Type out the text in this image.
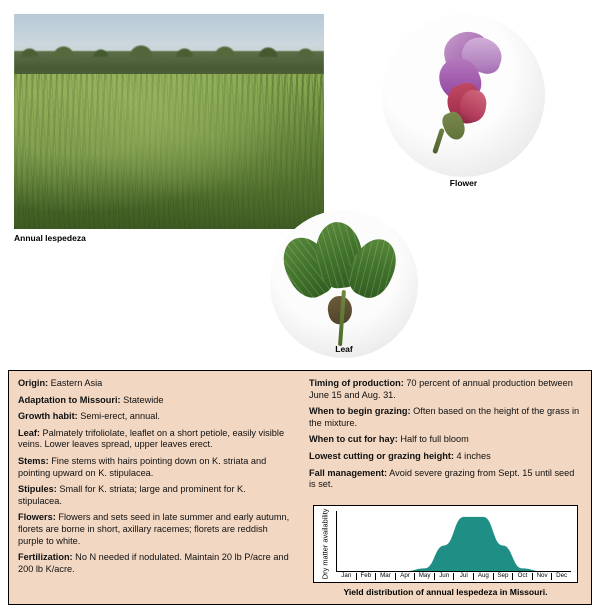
Annual lespedeza
Flower
Leaf
Origin: Eastern Asia
Adaptation to Missouri: Statewide
Growth habit: Semi-erect, annual.
Leaf: Palmately trifoliolate, leaflet on a short petiole, easily visible veins. Lower leaves spread, upper leaves erect.
Stems: Fine stems with hairs pointing down on K. striata and pointing upward on K. stipulacea.
Stipules: Small for K. striata; large and prominent for K. stipulacea.
Flowers: Flowers and sets seed in late summer and early autumn, florets are borne in short, axillary racemes; florets are reddish purple to white.
Fertilization: No N needed if nodulated. Maintain 20 lb P/acre and 200 lb K/acre.
Timing of production: 70 percent of annual production between June 15 and Aug. 31.
When to begin grazing: Often based on the height of the grass in the mixture.
When to cut for hay: Half to full bloom
Lowest cutting or grazing height: 4 inches
Fall management: Avoid severe grazing from Sept. 15 until seed is set.
Dry matter availability	Jan	Feb	Mar	Apr	May	Jun	Jul	Aug	Sep	Oct	Nov	Dec
Yield distribution of annual lespedeza in Missouri.
